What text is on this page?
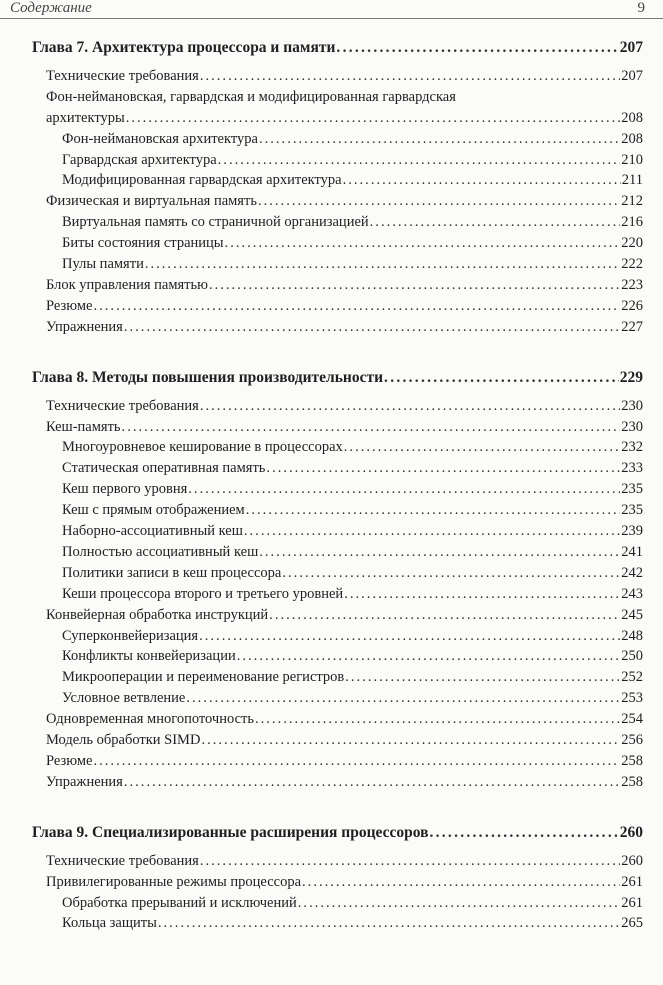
Содержание	9
Глава 7. Архитектура процессора и памяти . . .	207
Технические требования . . .	207
Фон-неймановская, гарвардская и модифицированная гарвардская
архитектуры . . .	208
Фон-неймановская архитектура . . .	208
Гарвардская архитектура . . .	210
Модифицированная гарвардская архитектура . . .	211
Физическая и виртуальная память . . .	212
Виртуальная память со страничной организацией . . .	216
Биты состояния страницы . . .	220
Пулы памяти . . .	222
Блок управления памятью . . .	223
Резюме . . .	226
Упражнения . . .	227
Глава 8. Методы повышения производительности . . .	229
Технические требования . . .	230
Кеш-память . . .	230
Многоуровневое кеширование в процессорах . . .	232
Статическая оперативная память . . .	233
Кеш первого уровня . . .	235
Кеш с прямым отображением . . .	235
Наборно-ассоциативный кеш . . .	239
Полностью ассоциативный кеш . . .	241
Политики записи в кеш процессора . . .	242
Кеши процессора второго и третьего уровней . . .	243
Конвейерная обработка инструкций . . .	245
Суперконвейеризация . . .	248
Конфликты конвейеризации . . .	250
Микрооперации и переименование регистров . . .	252
Условное ветвление . . .	253
Одновременная многопоточность . . .	254
Модель обработки SIMD . . .	256
Резюме . . .	258
Упражнения . . .	258
Глава 9. Специализированные расширения процессоров . . .	260
Технические требования . . .	260
Привилегированные режимы процессора . . .	261
Обработка прерываний и исключений . . .	261
Кольца защиты . . .	265
